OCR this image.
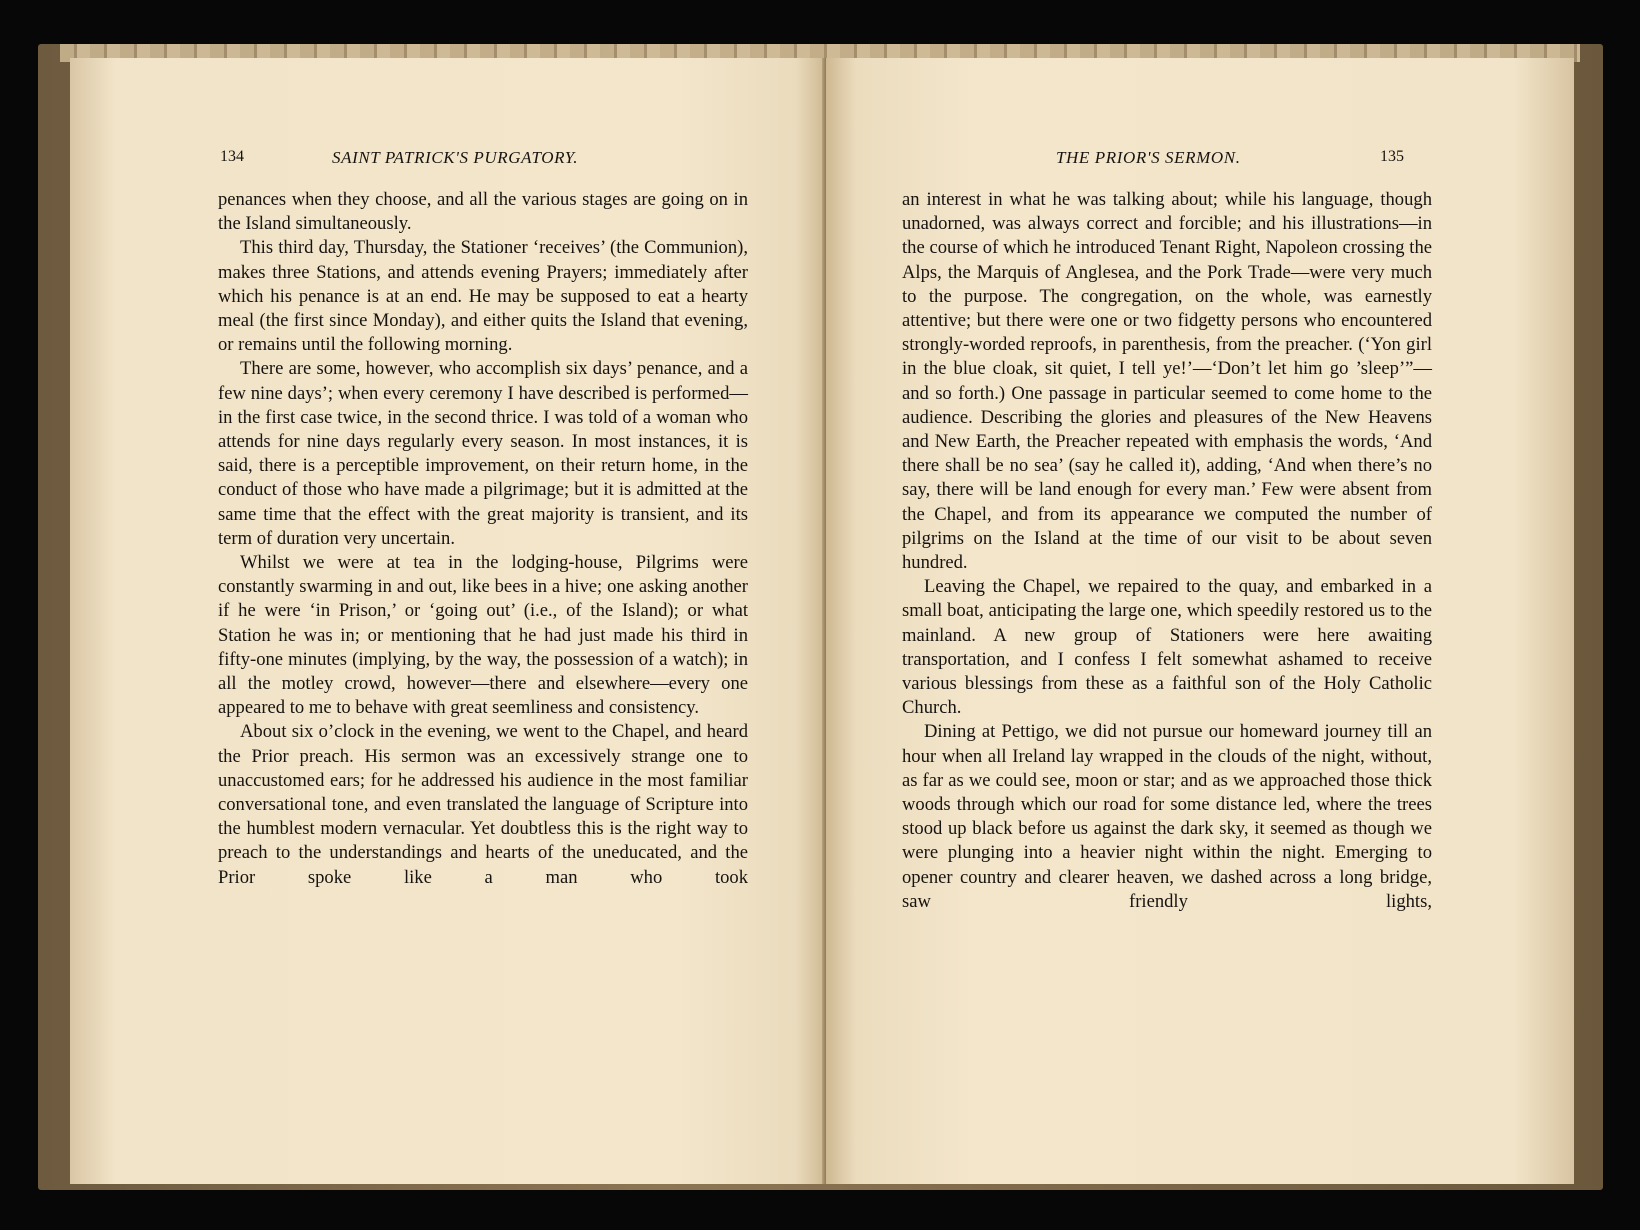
134	SAINT PATRICK'S PURGATORY.

penances when they choose, and all the various stages are going on in the Island simultaneously.

This third day, Thursday, the Stationer ‘receives’ (the Communion), makes three Stations, and attends evening Prayers; immediately after which his penance is at an end. He may be supposed to eat a hearty meal (the first since Monday), and either quits the Island that evening, or remains until the following morning.

There are some, however, who accomplish six days’ penance, and a few nine days’; when every ceremony I have described is performed—in the first case twice, in the second thrice. I was told of a woman who attends for nine days regularly every season. In most instances, it is said, there is a perceptible improvement, on their return home, in the conduct of those who have made a pilgrimage; but it is admitted at the same time that the effect with the great majority is transient, and its term of duration very uncertain.

Whilst we were at tea in the lodging-house, Pilgrims were constantly swarming in and out, like bees in a hive; one asking another if he were ‘in Prison,’ or ‘going out’ (i.e., of the Island); or what Station he was in; or mentioning that he had just made his third in fifty-one minutes (implying, by the way, the possession of a watch); in all the motley crowd, however—there and elsewhere—every one appeared to me to behave with great seemliness and consistency.

About six o’clock in the evening, we went to the Chapel, and heard the Prior preach. His sermon was an excessively strange one to unaccustomed ears; for he addressed his audience in the most familiar conversational tone, and even translated the language of Scripture into the humblest modern vernacular. Yet doubtless this is the right way to preach to the understandings and hearts of the uneducated, and the Prior spoke like a man who took

THE PRIOR'S SERMON.	135

an interest in what he was talking about; while his language, though unadorned, was always correct and forcible; and his illustrations—in the course of which he introduced Tenant Right, Napoleon crossing the Alps, the Marquis of Anglesea, and the Pork Trade—were very much to the purpose. The congregation, on the whole, was earnestly attentive; but there were one or two fidgetty persons who encountered strongly-worded reproofs, in parenthesis, from the preacher. (‘Yon girl in the blue cloak, sit quiet, I tell ye!’—‘Don’t let him go ’sleep’”— and so forth.) One passage in particular seemed to come home to the audience. Describing the glories and pleasures of the New Heavens and New Earth, the Preacher repeated with emphasis the words, ‘And there shall be no sea’ (say he called it), adding, ‘And when there’s no say, there will be land enough for every man.’ Few were absent from the Chapel, and from its appearance we computed the number of pilgrims on the Island at the time of our visit to be about seven hundred.

Leaving the Chapel, we repaired to the quay, and embarked in a small boat, anticipating the large one, which speedily restored us to the mainland. A new group of Stationers were here awaiting transportation, and I confess I felt somewhat ashamed to receive various blessings from these as a faithful son of the Holy Catholic Church.

Dining at Pettigo, we did not pursue our homeward journey till an hour when all Ireland lay wrapped in the clouds of the night, without, as far as we could see, moon or star; and as we approached those thick woods through which our road for some distance led, where the trees stood up black before us against the dark sky, it seemed as though we were plunging into a heavier night within the night. Emerging to opener country and clearer heaven, we dashed across a long bridge, saw friendly lights,
